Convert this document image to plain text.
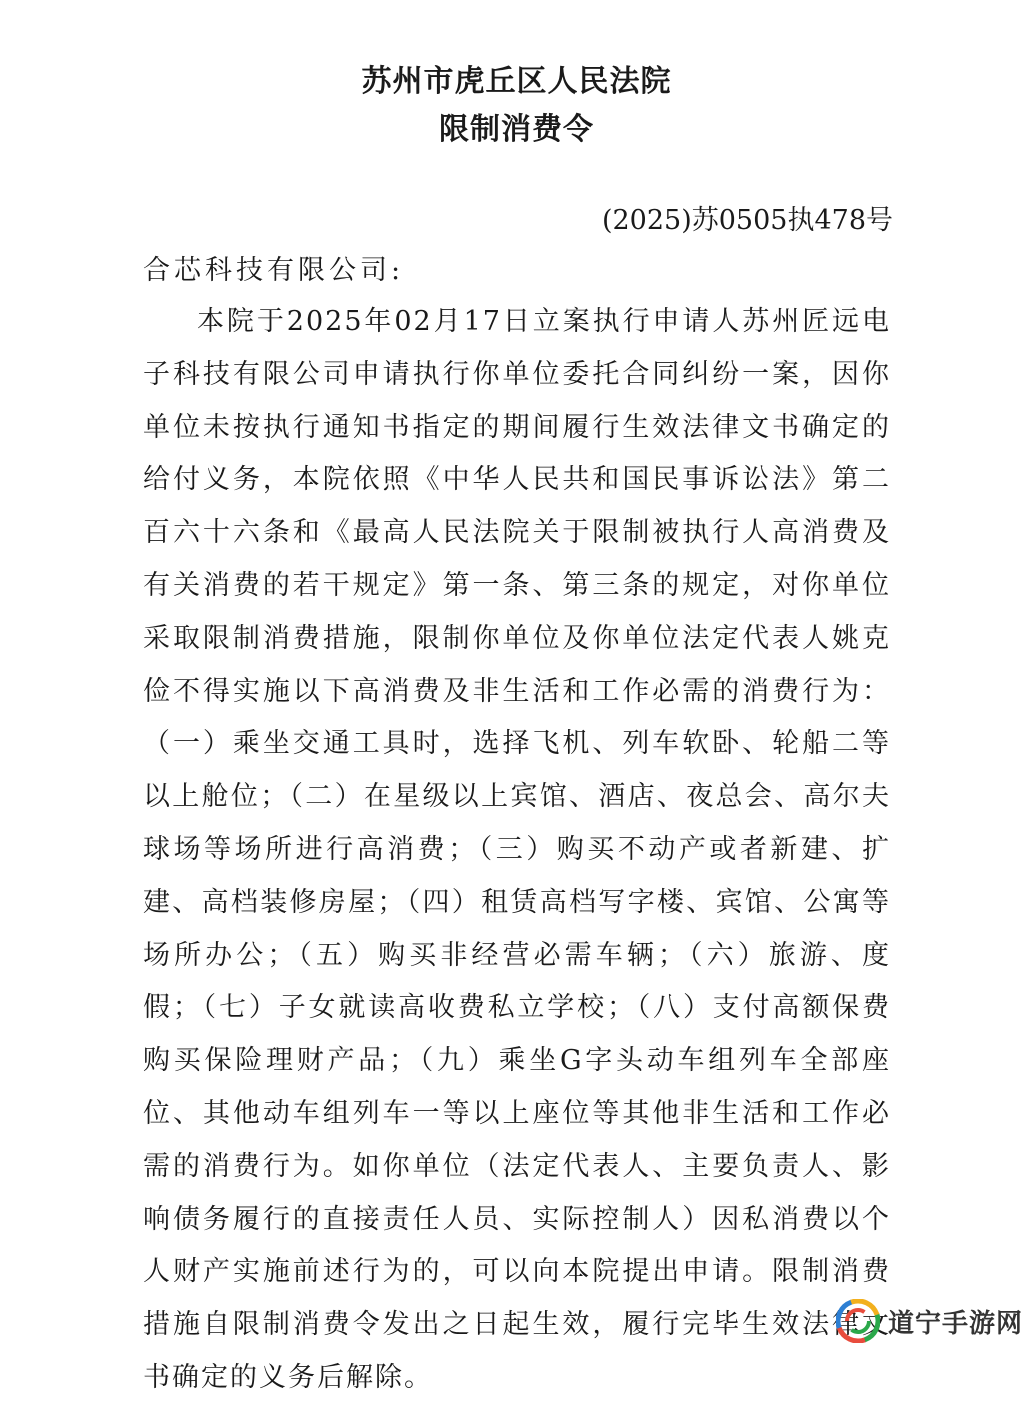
苏州市虎丘区人民法院
限制消费令
(2025)苏0505执478号
合芯科技有限公司:

本院于2025年02月17日立案执行申请人苏州匠远电子科技有限公司申请执行你单位委托合同纠纷一案，因你单位未按执行通知书指定的期间履行生效法律文书确定的给付义务，本院依照《中华人民共和国民事诉讼法》第二百六十六条和《最高人民法院关于限制被执行人高消费及有关消费的若干规定》第一条、第三条的规定，对你单位采取限制消费措施，限制你单位及你单位法定代表人姚克俭不得实施以下高消费及非生活和工作必需的消费行为：（一）乘坐交通工具时，选择飞机、列车软卧、轮船二等以上舱位；（二）在星级以上宾馆、酒店、夜总会、高尔夫球场等场所进行高消费；（三）购买不动产或者新建、扩建、高档装修房屋；（四）租赁高档写字楼、宾馆、公寓等场所办公；（五）购买非经营必需车辆；（六）旅游、度假；（七）子女就读高收费私立学校；（八）支付高额保费购买保险理财产品；（九）乘坐G字头动车组列车全部座位、其他动车组列车一等以上座位等其他非生活和工作必需的消费行为。如你单位（法定代表人、主要负责人、影响债务履行的直接责任人员、实际控制人）因私消费以个人财产实施前述行为的，可以向本院提出申请。限制消费措施自限制消费令发出之日起生效，履行完毕生效法律文书确定的义务后解除。

道宁手游网
